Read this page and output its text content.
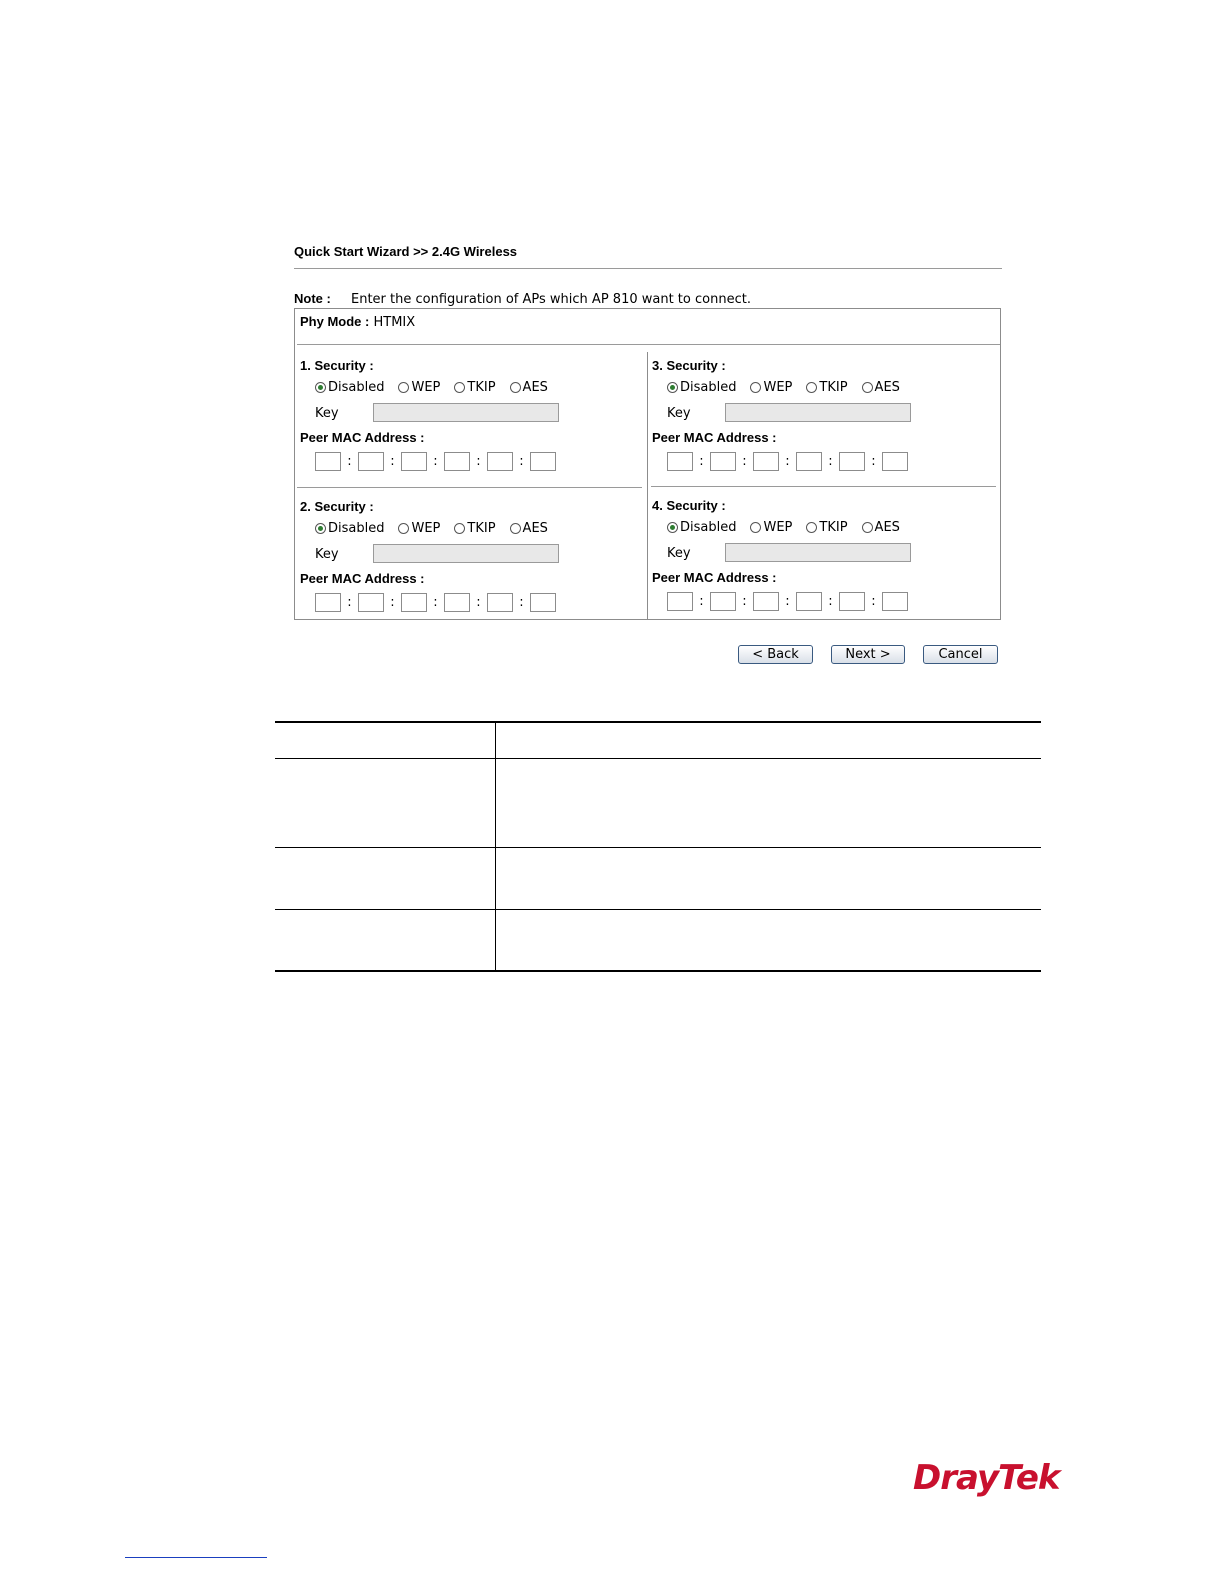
Quick Start Wizard >> 2.4G Wireless
Note : Enter the configuration of APs which AP 810 want to connect.
Phy Mode : HTMIX
1. Security :
Disabled WEP TKIP AES
Key
Peer MAC Address :
:	:	:	:	:
2. Security :
Disabled WEP TKIP AES
Key
Peer MAC Address :
:	:	:	:	:
3. Security :
Disabled WEP TKIP AES
Key
Peer MAC Address :
:	:	:	:	:
4. Security :
Disabled WEP TKIP AES
Key
Peer MAC Address :
:	:	:	:	:
< Back	Next >	Cancel
DrayTek
